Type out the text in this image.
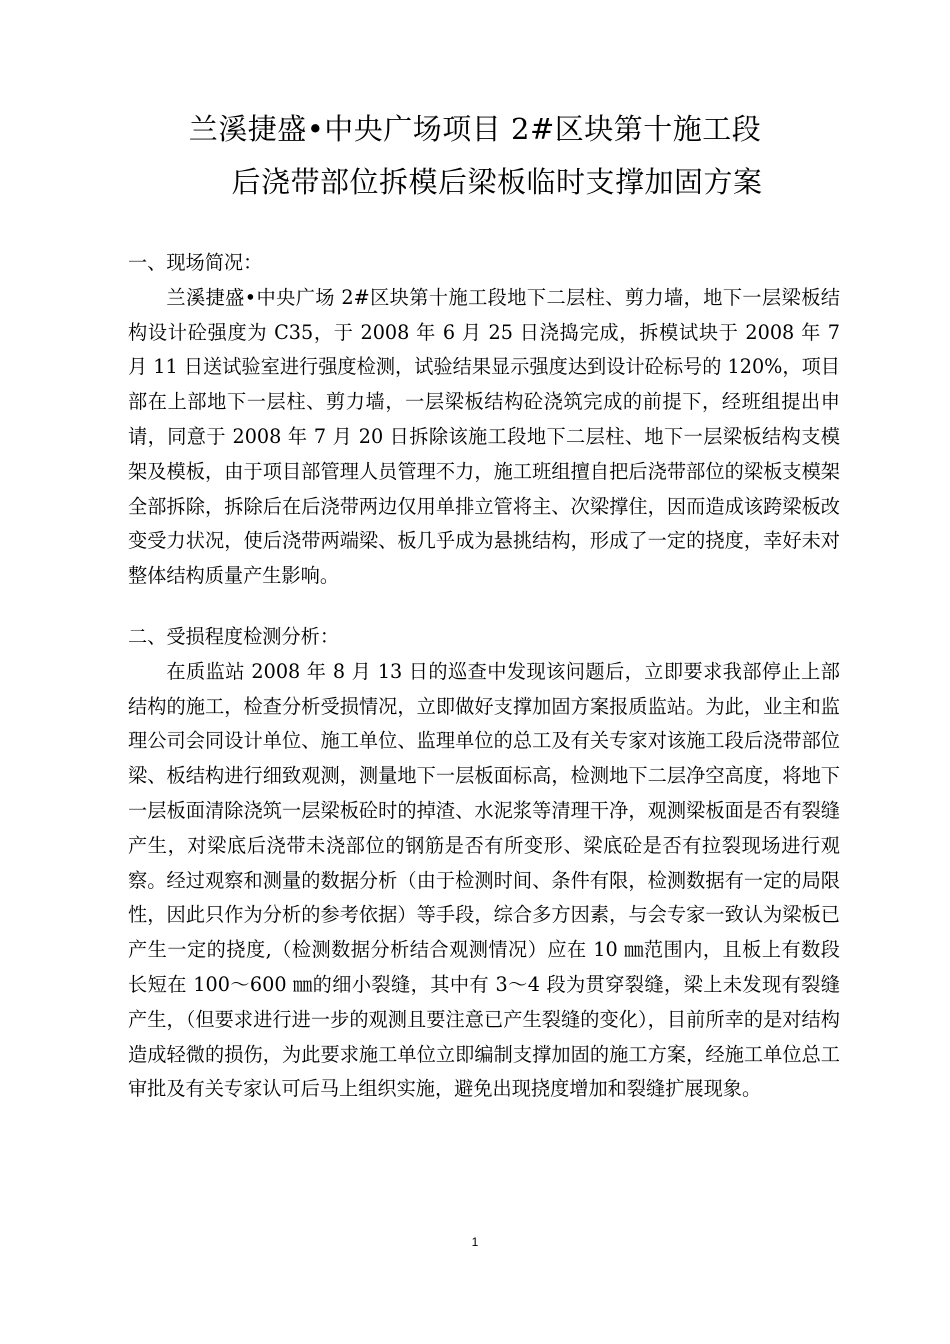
兰溪捷盛•中央广场项目 2#区块第十施工段
后浇带部位拆模后梁板临时支撑加固方案

一、现场简况：

兰溪捷盛•中央广场 2#区块第十施工段地下二层柱、剪力墙，地下一层梁板结构设计砼强度为 C35，于 2008 年 6 月 25 日浇捣完成，拆模试块于 2008 年 7 月 11 日送试验室进行强度检测，试验结果显示强度达到设计砼标号的 120%，项目部在上部地下一层柱、剪力墙，一层梁板结构砼浇筑完成的前提下，经班组提出申请，同意于 2008 年 7 月 20 日拆除该施工段地下二层柱、地下一层梁板结构支模架及模板，由于项目部管理人员管理不力，施工班组擅自把后浇带部位的梁板支模架全部拆除，拆除后在后浇带两边仅用单排立管将主、次梁撑住，因而造成该跨梁板改变受力状况，使后浇带两端梁、板几乎成为悬挑结构，形成了一定的挠度，幸好未对整体结构质量产生影响。

二、受损程度检测分析：

在质监站 2008 年 8 月 13 日的巡查中发现该问题后，立即要求我部停止上部结构的施工，检查分析受损情况，立即做好支撑加固方案报质监站。为此，业主和监理公司会同设计单位、施工单位、监理单位的总工及有关专家对该施工段后浇带部位梁、板结构进行细致观测，测量地下一层板面标高，检测地下二层净空高度，将地下一层板面清除浇筑一层梁板砼时的掉渣、水泥浆等清理干净，观测梁板面是否有裂缝产生，对梁底后浇带未浇部位的钢筋是否有所变形、梁底砼是否有拉裂现场进行观察。经过观察和测量的数据分析（由于检测时间、条件有限，检测数据有一定的局限性，因此只作为分析的参考依据）等手段，综合多方因素，与会专家一致认为梁板已产生一定的挠度,（检测数据分析结合观测情况）应在 10 ㎜范围内，且板上有数段长短在 100～600 ㎜的细小裂缝，其中有 3～4 段为贯穿裂缝，梁上未发现有裂缝产生，（但要求进行进一步的观测且要注意已产生裂缝的变化），目前所幸的是对结构造成轻微的损伤，为此要求施工单位立即编制支撑加固的施工方案，经施工单位总工审批及有关专家认可后马上组织实施，避免出现挠度增加和裂缝扩展现象。

1
